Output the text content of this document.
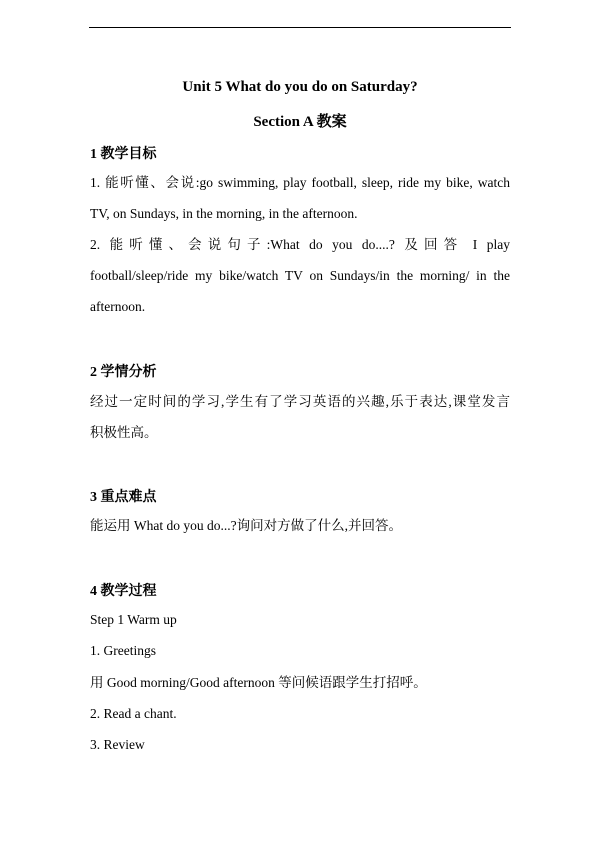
Unit 5 What do you do on Saturday?
Section A 教案
1 教学目标
1. 能听懂、会说:go swimming, play football, sleep, ride my bike, watch
TV, on Sundays, in the morning, in the afternoon.
2. 能听懂、会说句子:What do you do....? 及回答 I play
football/sleep/ride my bike/watch TV on Sundays/in the morning/ in the
afternoon.
2 学情分析
经过一定时间的学习,学生有了学习英语的兴趣,乐于表达,课堂发言
积极性高。
3 重点难点
能运用 What do you do...?询问对方做了什么,并回答。
4 教学过程
Step 1 Warm up
1. Greetings
用 Good morning/Good afternoon 等问候语跟学生打招呼。
2. Read a chant.
3. Review
